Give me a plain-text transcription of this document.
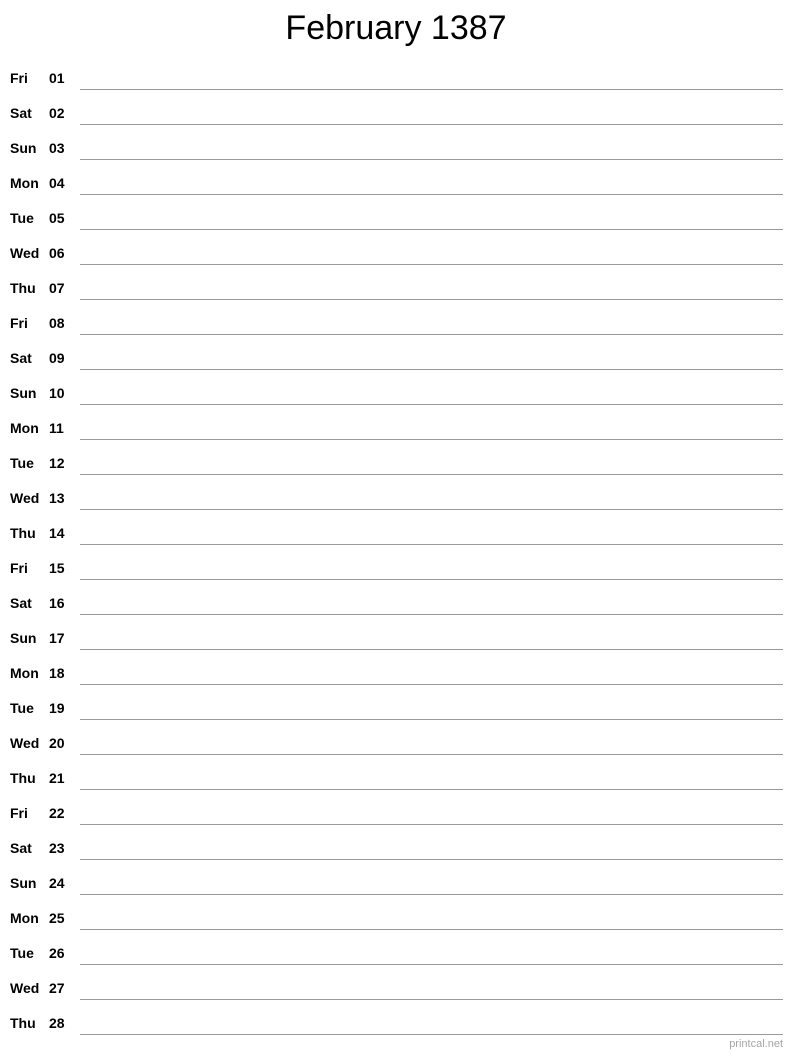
February 1387
Fri 01
Sat 02
Sun 03
Mon 04
Tue 05
Wed 06
Thu 07
Fri 08
Sat 09
Sun 10
Mon 11
Tue 12
Wed 13
Thu 14
Fri 15
Sat 16
Sun 17
Mon 18
Tue 19
Wed 20
Thu 21
Fri 22
Sat 23
Sun 24
Mon 25
Tue 26
Wed 27
Thu 28
printcal.net
